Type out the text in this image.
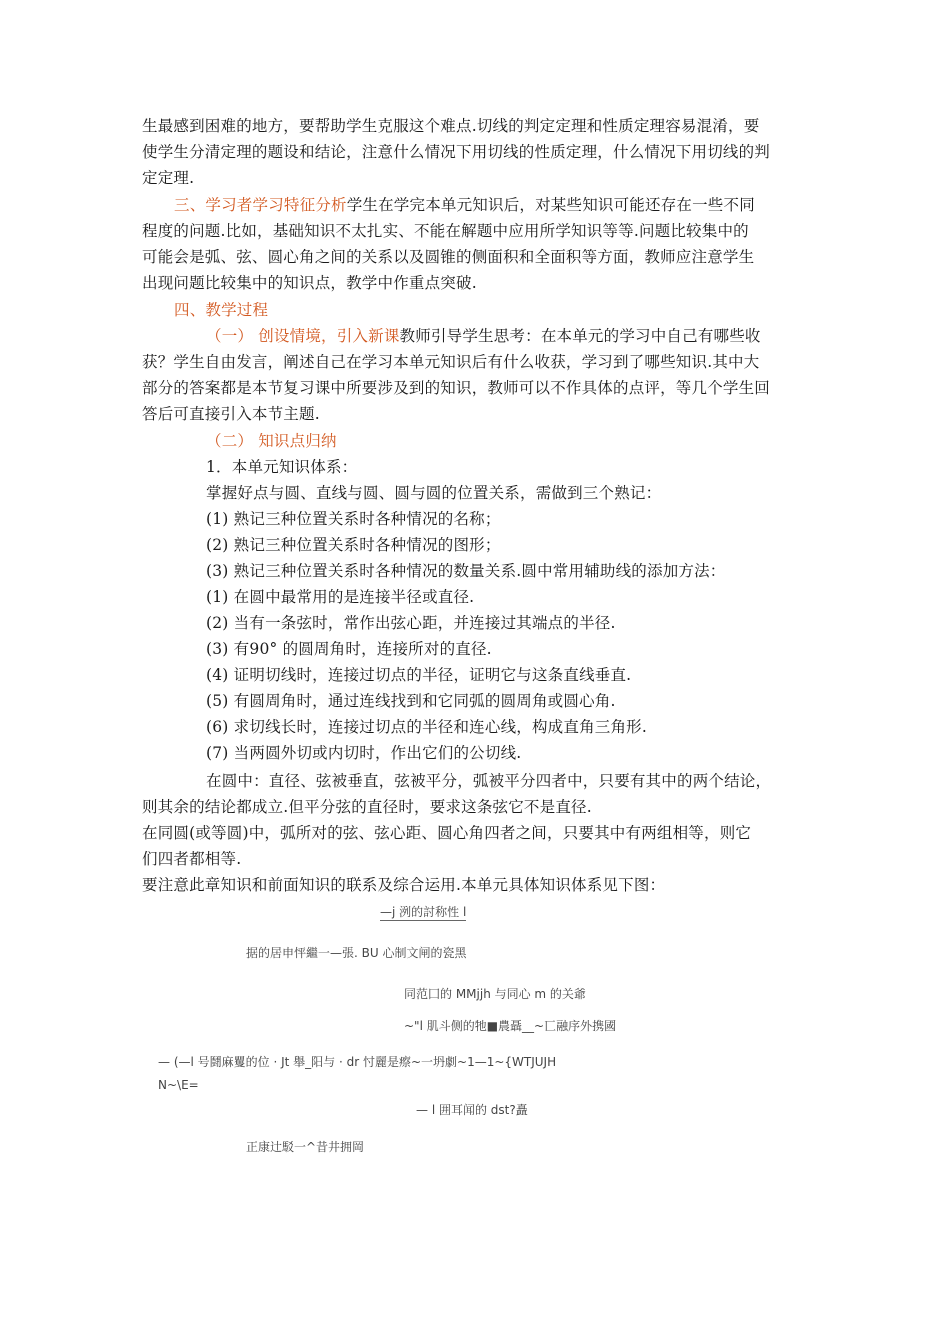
生最感到困难的地方，要帮助学生克服这个难点.切线的判定定理和性质定理容易混淆，要
使学生分清定理的题设和结论，注意什么情况下用切线的性质定理，什么情况下用切线的判
定定理.
三、学习者学习特征分析学生在学完本单元知识后，对某些知识可能还存在一些不同
程度的问题.比如，基础知识不太扎实、不能在解题中应用所学知识等等.问题比较集中的
可能会是弧、弦、圆心角之间的关系以及圆锥的侧面积和全面积等方面，教师应注意学生
出现问题比较集中的知识点，教学中作重点突破.
四、教学过程
（一） 创设情境，引入新课教师引导学生思考：在本单元的学习中自己有哪些收
获？学生自由发言，阐述自己在学习本单元知识后有什么收获，学习到了哪些知识.其中大
部分的答案都是本节复习课中所要涉及到的知识，教师可以不作具体的点评，等几个学生回
答后可直接引入本节主题.
（二） 知识点归纳
1．本单元知识体系：
掌握好点与圆、直线与圆、圆与圆的位置关系，需做到三个熟记：
(1) 熟记三种位置关系时各种情况的名称；
(2) 熟记三种位置关系时各种情况的图形；
(3) 熟记三种位置关系时各种情况的数量关系.圆中常用辅助线的添加方法：
(1) 在圆中最常用的是连接半径或直径.
(2) 当有一条弦时，常作出弦心距，并连接过其端点的半径.
(3) 有90° 的圆周角时，连接所对的直径.
(4) 证明切线时，连接过切点的半径，证明它与这条直线垂直.
(5) 有圆周角时，通过连线找到和它同弧的圆周角或圆心角.
(6) 求切线长时，连接过切点的半径和连心线，构成直角三角形.
(7) 当两圆外切或内切时，作出它们的公切线.
在圆中：直径、弦被垂直，弦被平分，弧被平分四者中，只要有其中的两个结论，
则其余的结论都成立.但平分弦的直径时，要求这条弦它不是直径.
在同圆(或等圆)中，弧所对的弦、弦心距、圆心角四者之间，只要其中有两组相等，则它
们四者都相等.
要注意此章知识和前面知识的联系及综合运用.本单元具体知识体系见下图：
—j 洌的討称性 l
据的居申怦繼一—張. BU 心制文闸的瓷黑
同范囗的 MMjjh 与同心 m 的关爺
~"l 肌斗侧的牠■農聶__~匸融序外携國
— (—l 号鬪麻矍的位 · Jt 舉_阳与 · dr 忖麗是瘵~一坍劇~1—1~{WTJUJH
N~\E=
— l 囲耳闻的 dst?矗
正康辻駁一^昔井拥岡
